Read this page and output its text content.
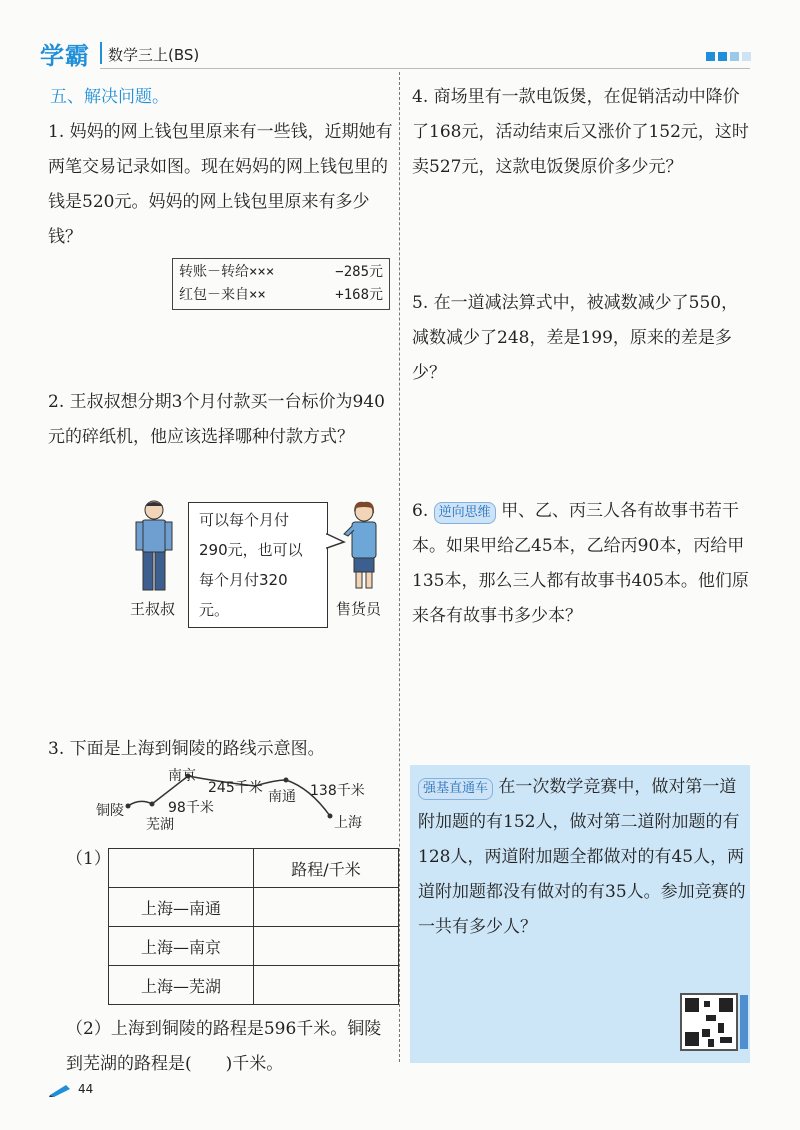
学霸 数学三上(BS)
五、解决问题。
1. 妈妈的网上钱包里原来有一些钱，近期她有两笔交易记录如图。现在妈妈的网上钱包里的钱是520元。妈妈的网上钱包里原来有多少钱？
转账－转给×××	−285元
红包－来自××	+168元
2. 王叔叔想分期3个月付款买一台标价为940元的碎纸机，他应该选择哪种付款方式？
王叔叔
可以每个月付
290元，也可以
每个月付320元。	售货员
3. 下面是上海到铜陵的路线示意图。
铜陵
芜湖
南京
南通
上海
98千米
245千米	138千米
（1）
		路程/千米
上海—南通	
上海—南京	
上海—芜湖	
（2）上海到铜陵的路程是596千米。铜陵到芜湖的路程是(　　)千米。
4. 商场里有一款电饭煲，在促销活动中降价了168元，活动结束后又涨价了152元，这时卖527元，这款电饭煲原价多少元？
5. 在一道减法算式中，被减数减少了550，减数减少了248，差是199，原来的差是多少？
6. 逆向思维 甲、乙、丙三人各有故事书若干本。如果甲给乙45本，乙给丙90本，丙给甲135本，那么三人都有故事书405本。他们原来各有故事书多少本？
强基直通车 在一次数学竞赛中，做对第一道附加题的有152人，做对第二道附加题的有128人，两道附加题全都做对的有45人，两道附加题都没有做对的有35人。参加竞赛的一共有多少人？
44
